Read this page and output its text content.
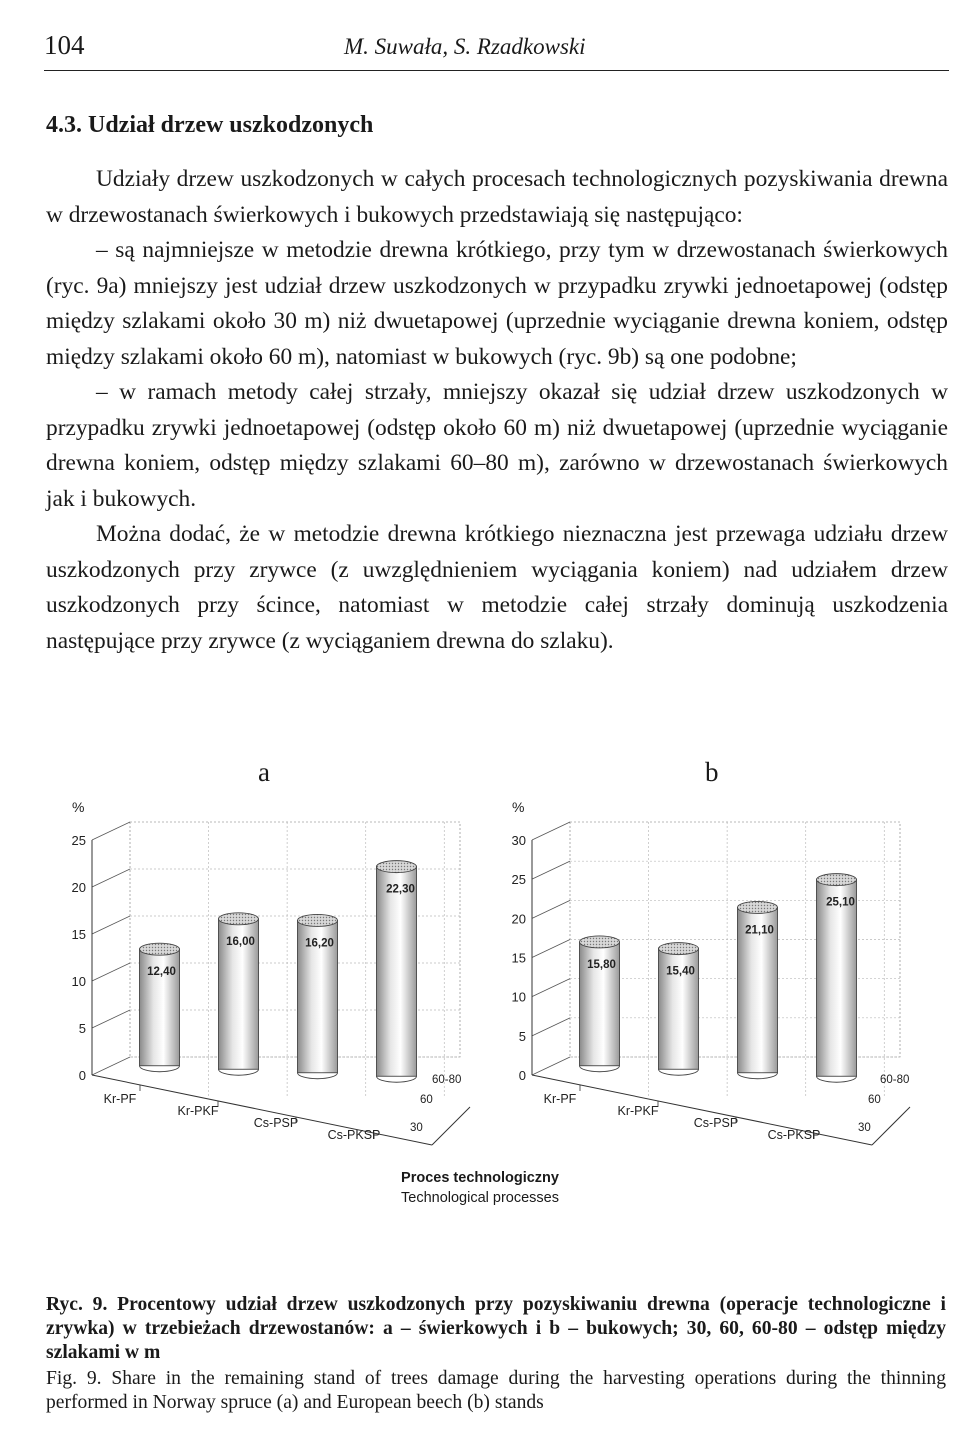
104	M. Suwała, S. Rzadkowski
4.3. Udział drzew uszkodzonych

Udziały drzew uszkodzonych w całych procesach technologicznych pozyskiwania drewna w drzewostanach świerkowych i bukowych przedstawiają się następująco:

– są najmniejsze w metodzie drewna krótkiego, przy tym w drzewostanach świerkowych (ryc. 9a) mniejszy jest udział drzew uszkodzonych w przypadku zrywki jednoetapowej (odstęp między szlakami około 30 m) niż dwuetapowej (uprzednie wyciąganie drewna koniem, odstęp między szlakami około 60 m), natomiast w bukowych (ryc. 9b) są one podobne;

– w ramach metody całej strzały, mniejszy okazał się udział drzew uszkodzonych w przypadku zrywki jednoetapowej (odstęp około 60 m) niż dwuetapowej (uprzednie wyciąganie drewna koniem, odstęp między szlakami 60–80 m), zarówno w drzewostanach świerkowych jak i bukowych.

Można dodać, że w metodzie drewna krótkiego nieznaczna jest przewaga udziału drzew uszkodzonych przy zrywce (z uwzględnieniem wyciągania koniem) nad udziałem drzew uszkodzonych przy ścince, natomiast w metodzie całej strzały dominują uszkodzenia następujące przy zrywce (z wyciąganiem drewna do szlaku).

a	b
0
5
10
15
20
25
%
30
60
60-80
12,40
Kr-PF
16,00
Kr-PKF
16,20
Cs-PSP
22,30
Cs-PKSP
0
5
10
15
20
25
30
%
30
60
60-80
15,80
Kr-PF
15,40
Kr-PKF
21,10
Cs-PSP
25,10
Cs-PKSP
Proces technologiczny
Technological processes

Ryc. 9. Procentowy udział drzew uszkodzonych przy pozyskiwaniu drewna (operacje technologiczne i zrywka) w trzebieżach drzewostanów: a – świerkowych i b – bukowych; 30, 60, 60-80 – odstęp między szlakami w m

Fig. 9. Share in the remaining stand of trees damage during the harvesting operations during the thinning performed in Norway spruce (a) and European beech (b) stands
